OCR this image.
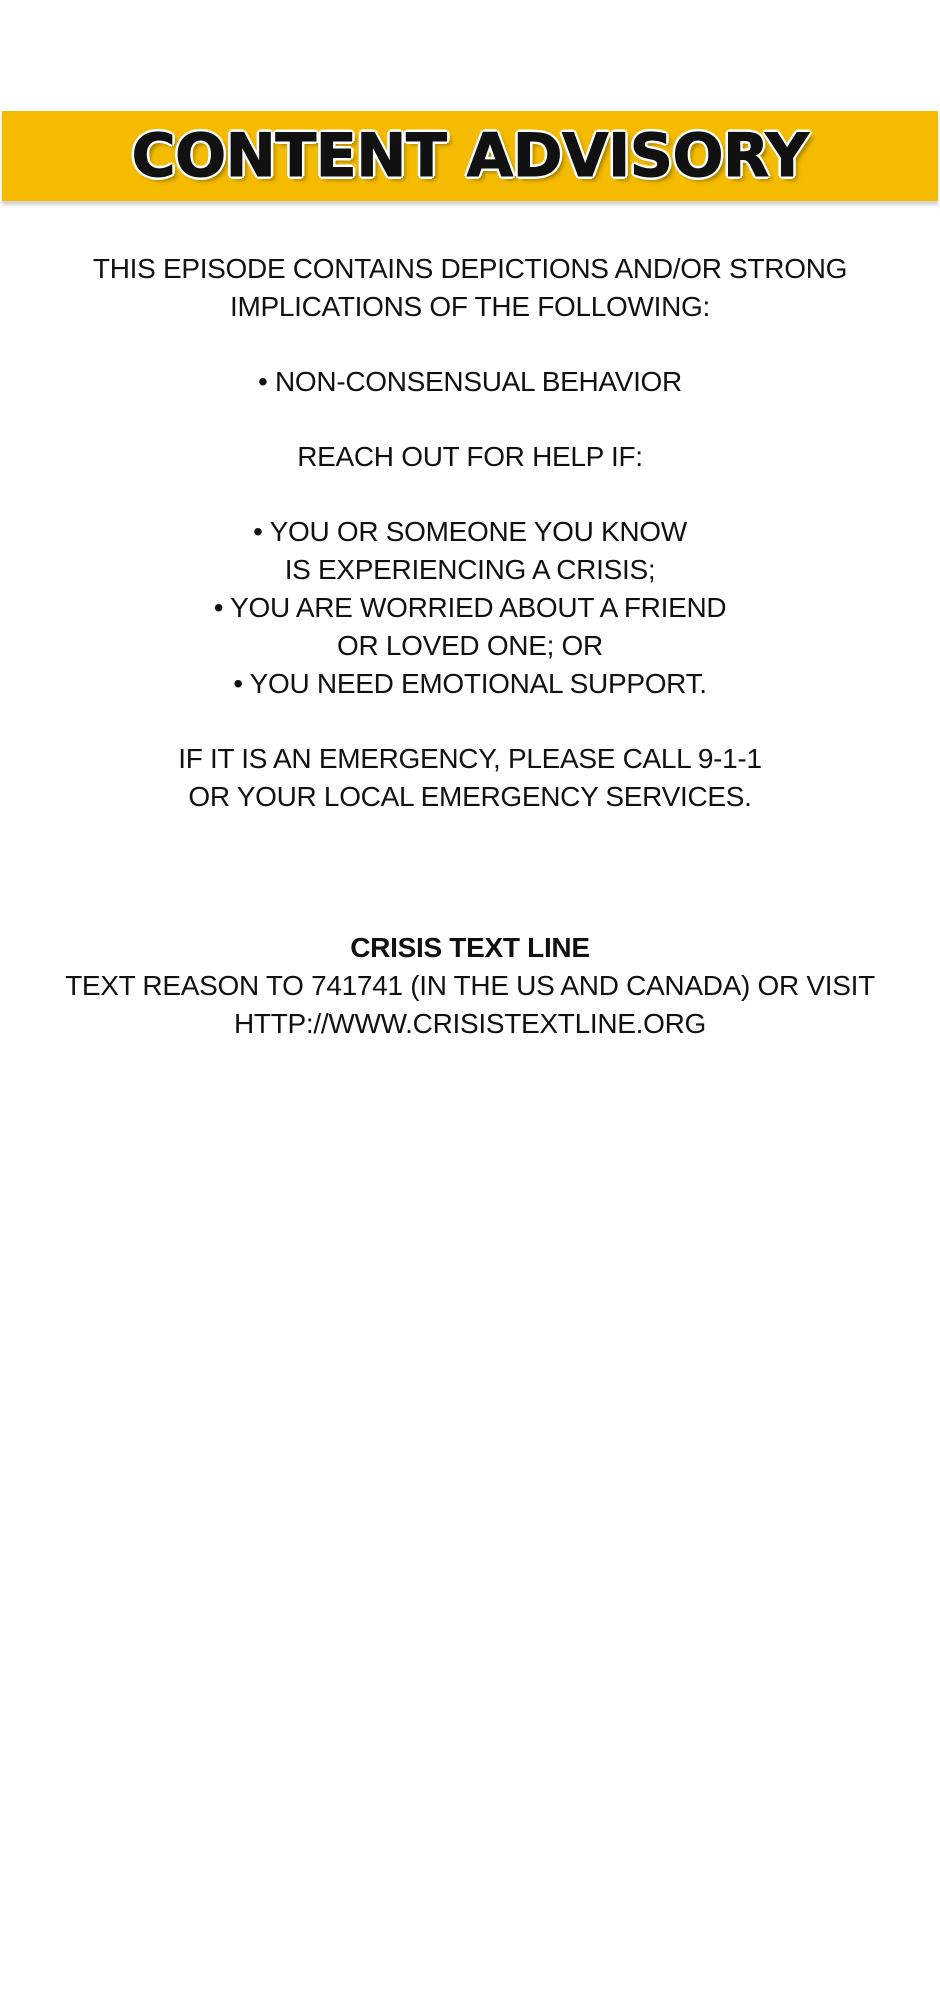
CONTENT ADVISORY
THIS EPISODE CONTAINS DEPICTIONS AND/OR STRONG
IMPLICATIONS OF THE FOLLOWING:
• NON-CONSENSUAL BEHAVIOR
REACH OUT FOR HELP IF:
• YOU OR SOMEONE YOU KNOW
IS EXPERIENCING A CRISIS;
• YOU ARE WORRIED ABOUT A FRIEND
OR LOVED ONE; OR
• YOU NEED EMOTIONAL SUPPORT.
IF IT IS AN EMERGENCY, PLEASE CALL 9-1-1
OR YOUR LOCAL EMERGENCY SERVICES.
CRISIS TEXT LINE
TEXT REASON TO 741741 (IN THE US AND CANADA) OR VISIT
HTTP://WWW.CRISISTEXTLINE.ORG
